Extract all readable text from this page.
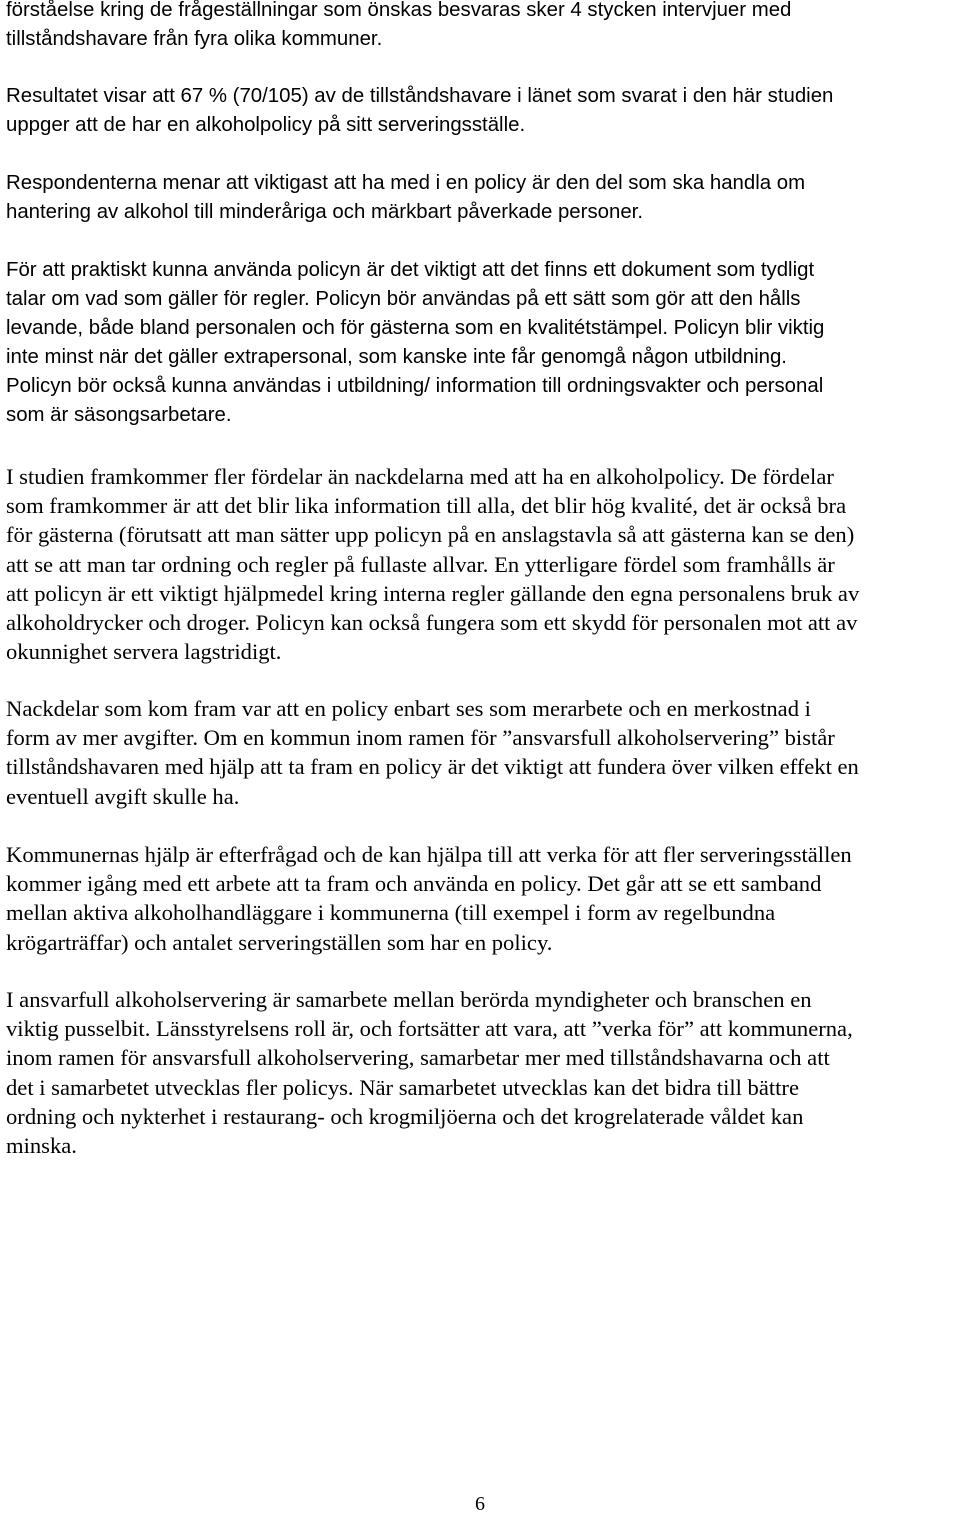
förståelse kring de frågeställningar som önskas besvaras sker 4 stycken intervjuer med
tillståndshavare från fyra olika kommuner.

Resultatet visar att 67 % (70/105) av de tillståndshavare i länet som svarat i den här studien
uppger att de har en alkoholpolicy på sitt serveringsställe.

Respondenterna menar att viktigast att ha med i en policy är den del som ska handla om
hantering av alkohol till minderåriga och märkbart påverkade personer.

För att praktiskt kunna använda policyn är det viktigt att det finns ett dokument som tydligt
talar om vad som gäller för regler. Policyn bör användas på ett sätt som gör att den hålls
levande, både bland personalen och för gästerna som en kvalitétstämpel. Policyn blir viktig
inte minst när det gäller extrapersonal, som kanske inte får genomgå någon utbildning.
Policyn bör också kunna användas i utbildning/ information till ordningsvakter och personal
som är säsongsarbetare.

I studien framkommer fler fördelar än nackdelarna med att ha en alkoholpolicy. De fördelar
som framkommer är att det blir lika information till alla, det blir hög kvalité, det är också bra
för gästerna (förutsatt att man sätter upp policyn på en anslagstavla så att gästerna kan se den)
att se att man tar ordning och regler på fullaste allvar. En ytterligare fördel som framhålls är
att policyn är ett viktigt hjälpmedel kring interna regler gällande den egna personalens bruk av
alkoholdrycker och droger. Policyn kan också fungera som ett skydd för personalen mot att av
okunnighet servera lagstridigt.

Nackdelar som kom fram var att en policy enbart ses som merarbete och en merkostnad i
form av mer avgifter. Om en kommun inom ramen för ”ansvarsfull alkoholservering” bistår
tillståndshavaren med hjälp att ta fram en policy är det viktigt att fundera över vilken effekt en
eventuell avgift skulle ha.

Kommunernas hjälp är efterfrågad och de kan hjälpa till att verka för att fler serveringsställen
kommer igång med ett arbete att ta fram och använda en policy. Det går att se ett samband
mellan aktiva alkoholhandläggare i kommunerna (till exempel i form av regelbundna
krögarträffar) och antalet serveringställen som har en policy.

I ansvarfull alkoholservering är samarbete mellan berörda myndigheter och branschen en
viktig pusselbit. Länsstyrelsens roll är, och fortsätter att vara, att ”verka för” att kommunerna,
inom ramen för ansvarsfull alkoholservering, samarbetar mer med tillståndshavarna och att
det i samarbetet utvecklas fler policys. När samarbetet utvecklas kan det bidra till bättre
ordning och nykterhet i restaurang- och krogmiljöerna och det krogrelaterade våldet kan
minska.

6
